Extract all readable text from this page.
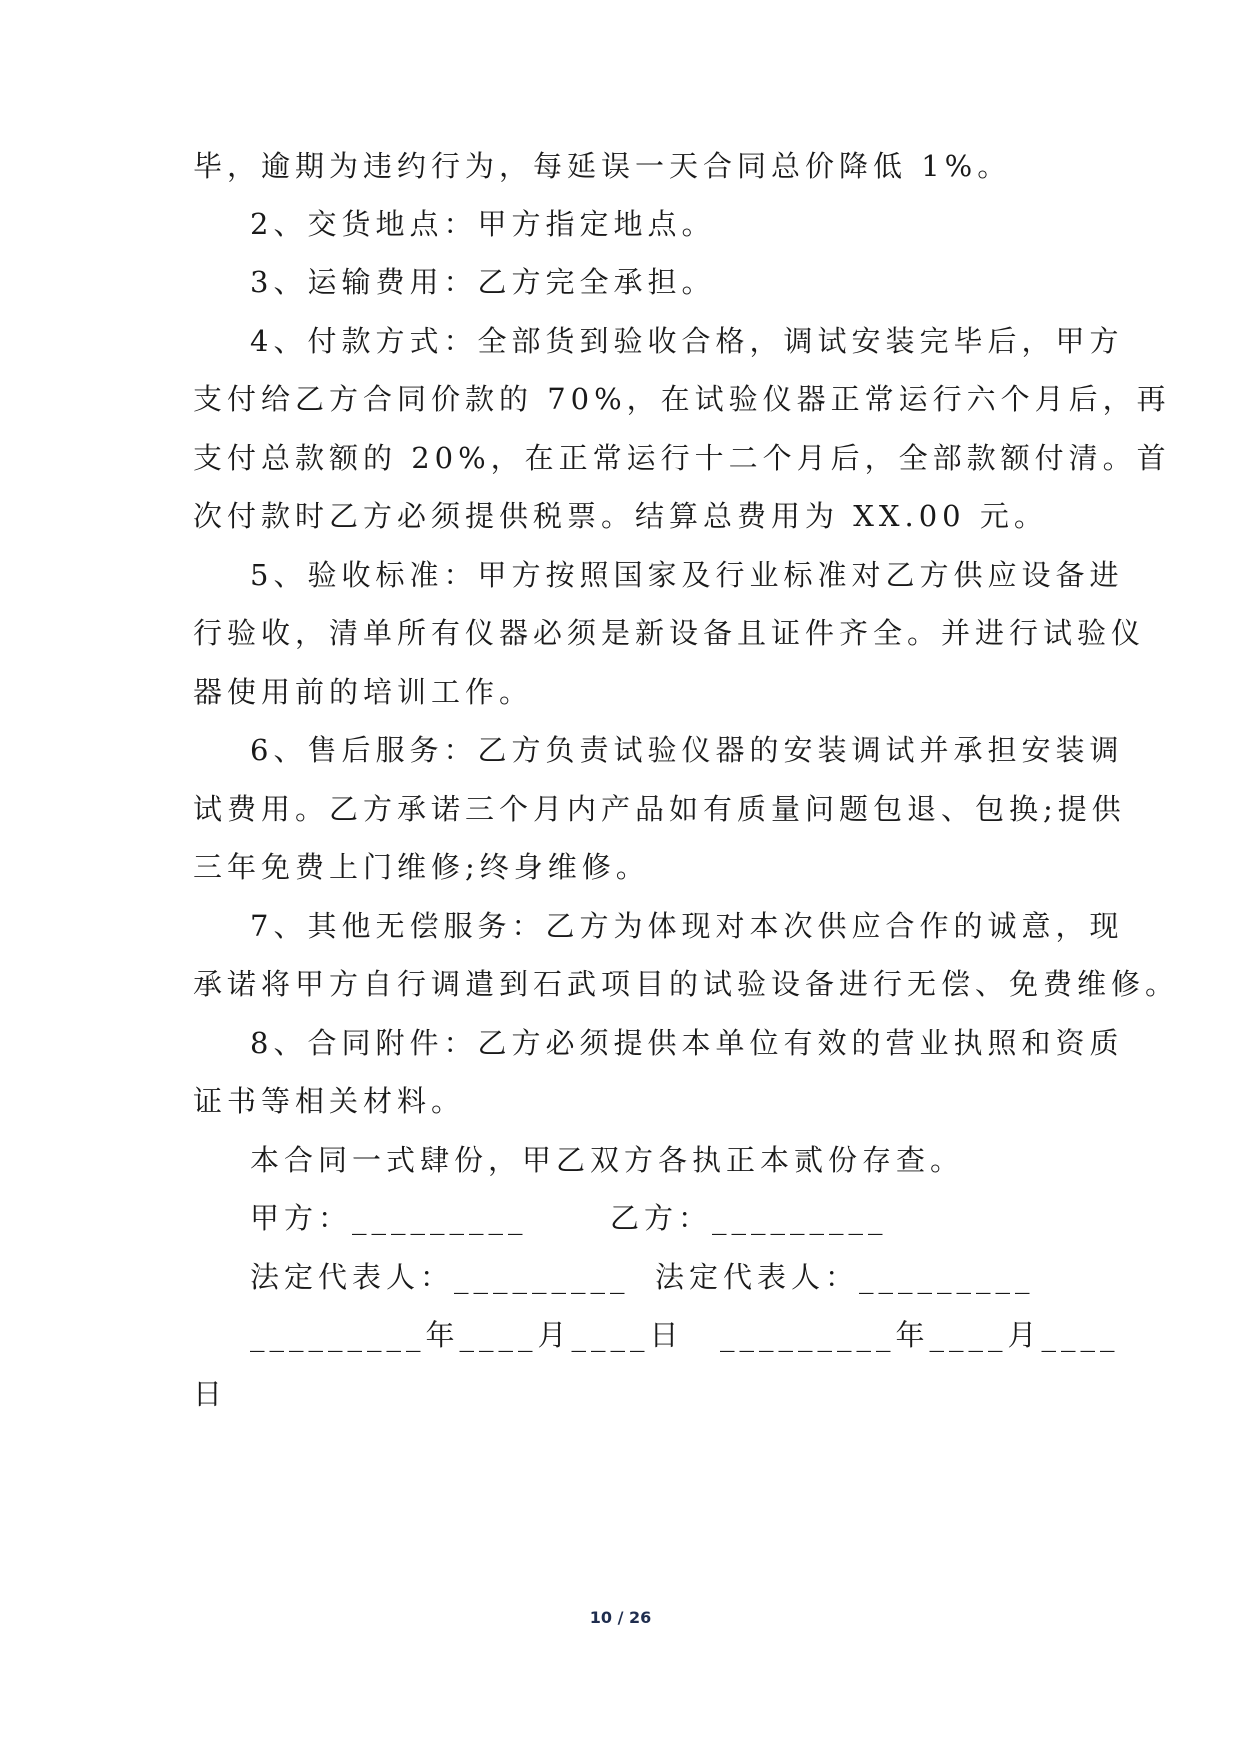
毕，逾期为违约行为，每延误一天合同总价降低 1%。
2、交货地点：甲方指定地点。
3、运输费用：乙方完全承担。
4、付款方式：全部货到验收合格，调试安装完毕后，甲方
支付给乙方合同价款的 70%，在试验仪器正常运行六个月后，再
支付总款额的 20%，在正常运行十二个月后，全部款额付清。首
次付款时乙方必须提供税票。结算总费用为 XX.00 元。
5、验收标准：甲方按照国家及行业标准对乙方供应设备进
行验收，清单所有仪器必须是新设备且证件齐全。并进行试验仪
器使用前的培训工作。
6、售后服务：乙方负责试验仪器的安装调试并承担安装调
试费用。乙方承诺三个月内产品如有质量问题包退、包换;提供
三年免费上门维修;终身维修。
7、其他无偿服务：乙方为体现对本次供应合作的诚意，现
承诺将甲方自行调遣到石武项目的试验设备进行无偿、免费维修。
8、合同附件：乙方必须提供本单位有效的营业执照和资质
证书等相关材料。
本合同一式肆份，甲乙双方各执正本贰份存查。
甲方：_________	乙方：_________
法定代表人：_________ 法定代表人：_________
_________年____月____日 _________年____月____
日
10 / 26
